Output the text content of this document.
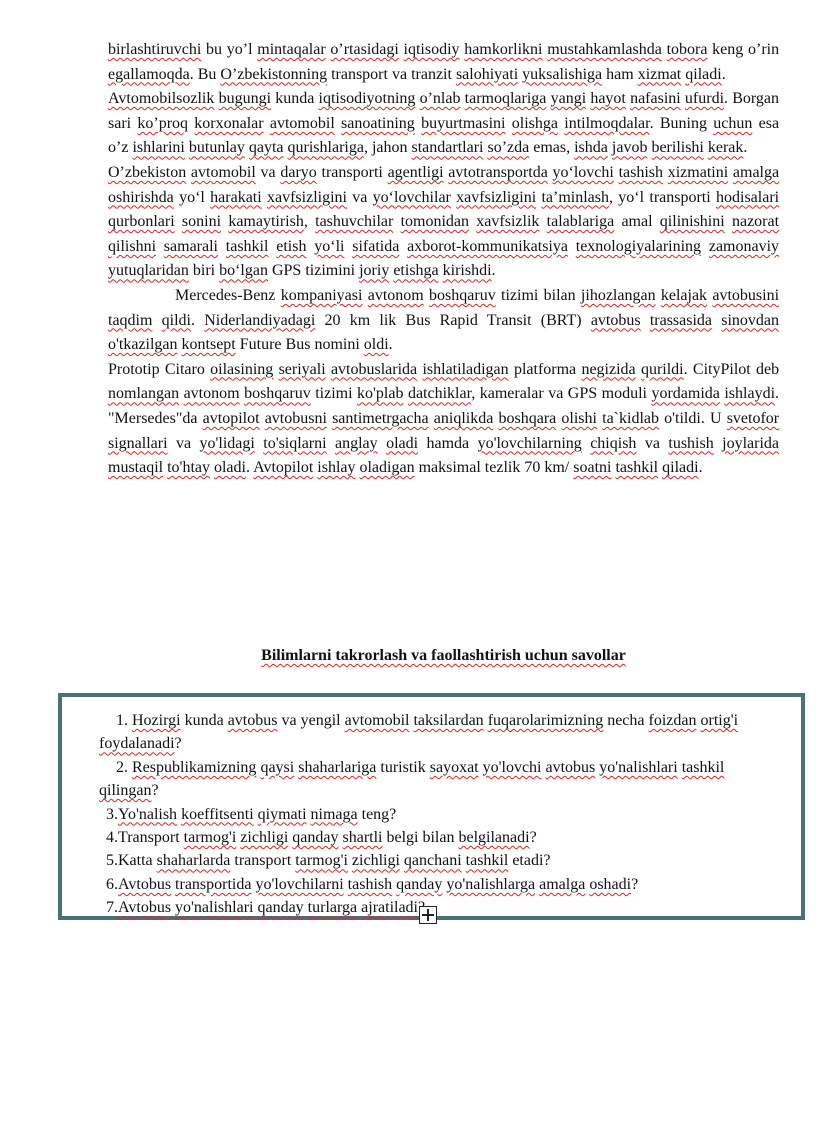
birlashtiruvchi bu yo’l mintaqalar o’rtasidagi iqtisodiy hamkorlikni mustahkamlashda tobora keng o’rin egallamoqda. Bu O’zbekistonning transport va tranzit salohiyati yuksalishiga ham xizmat qiladi.

Avtomobilsozlik bugungi kunda iqtisodiyotning o’nlab tarmoqlariga yangi hayot nafasini ufurdi. Borgan sari ko’proq korxonalar avtomobil sanoatining buyurtmasini olishga intilmoqdalar. Buning uchun esa o’z ishlarini butunlay qayta qurishlariga, jahon standartlari so’zda emas, ishda javob berilishi kerak.

O’zbekiston avtomobil va daryo transporti agentligi avtotransportda yo‘lovchi tashish xizmatini amalga oshirishda yo‘l harakati xavfsizligini va yo‘lovchilar xavfsizligini ta’minlash, yo‘l transporti hodisalari qurbonlari sonini kamaytirish, tashuvchilar tomonidan xavfsizlik talablariga amal qilinishini nazorat qilishni samarali tashkil etish yo‘li sifatida axborot-kommunikatsiya texnologiyalarining zamonaviy yutuqlaridan biri bo‘lgan GPS tizimini joriy etishga kirishdi.

Mercedes-Benz kompaniyasi avtonom boshqaruv tizimi bilan jihozlangan kelajak avtobusini taqdim qildi. Niderlandiyadagi 20 km lik Bus Rapid Transit (BRT) avtobus trassasida sinovdan o'tkazilgan kontsept Future Bus nomini oldi.

Prototip Citaro oilasining seriyali avtobuslarida ishlatiladigan platforma negizida qurildi. CityPilot deb nomlangan avtonom boshqaruv tizimi ko'plab datchiklar, kameralar va GPS moduli yordamida ishlaydi. "Mersedes"da avtopilot avtobusni santimetrgacha aniqlikda boshqara olishi ta`kidlab o'tildi. U svetofor signallari va yo'lidagi to'siqlarni anglay oladi hamda yo'lovchilarning chiqish va tushish joylarida mustaqil to'htay oladi. Avtopilot ishlay oladigan maksimal tezlik 70 km/ soatni tashkil qiladi.

Bilimlarni takrorlash va faollashtirish uchun savollar

1. Hozirgi kunda avtobus va yengil avtomobil taksilardan fuqarolarimizning necha foizdan ortig'i foydalanadi?

2. Respublikamizning qaysi shaharlariga turistik sayoxat yo'lovchi avtobus yo'nalishlari tashkil qilingan?

3.Yo'nalish koeffitsenti qiymati nimaga teng?

4.Transport tarmog'i zichligi qanday shartli belgi bilan belgilanadi?

5.Katta shaharlarda transport tarmog'i zichligi qanchani tashkil etadi?

6.Avtobus transportida yo'lovchilarni tashish qanday yo'nalishlarga amalga oshadi?

7.Avtobus yo'nalishlari qanday turlarga ajratiladi
